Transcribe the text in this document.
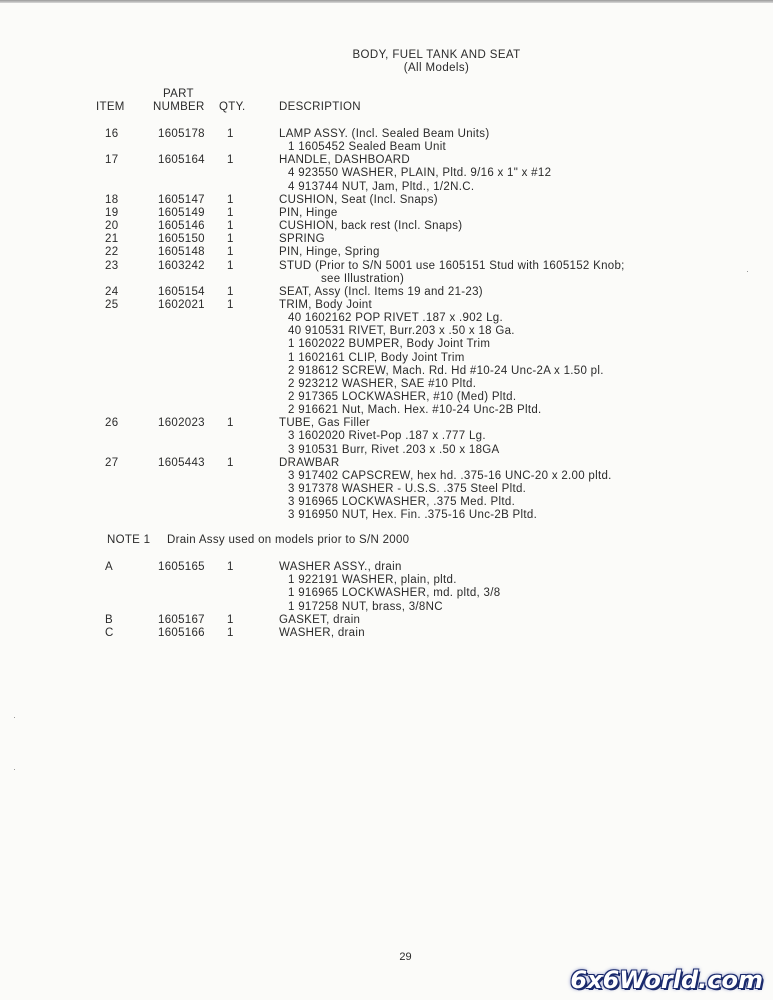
BODY, FUEL TANK AND SEAT
(All Models)
PART
ITEM NUMBER QTY.	DESCRIPTION
16	1605178 1	LAMP ASSY. (Incl. Sealed Beam Units)
1 1605452 Sealed Beam Unit
17	1605164 1	HANDLE, DASHBOARD
4 923550 WASHER, PLAIN, Pltd. 9/16 x 1" x #12
4 913744 NUT, Jam, Pltd., 1/2N.C.
18	1605147 1	CUSHION, Seat (Incl. Snaps)
19	1605149 1	PIN, Hinge
20	1605146 1	CUSHION, back rest (Incl. Snaps)
21	1605150 1	SPRING
22	1605148 1	PIN, Hinge, Spring
23	1603242 1	STUD (Prior to S/N 5001 use 1605151 Stud with 1605152 Knob;
see Illustration)
24	1605154 1	SEAT, Assy (Incl. Items 19 and 21-23)
25	1602021 1	TRIM, Body Joint
40 1602162 POP RIVET .187 x .902 Lg.
40 910531 RIVET, Burr.203 x .50 x 18 Ga.
1 1602022 BUMPER, Body Joint Trim
1 1602161 CLIP, Body Joint Trim
2 918612 SCREW, Mach. Rd. Hd #10-24 Unc-2A x 1.50 pl.
2 923212 WASHER, SAE #10 Pltd.
2 917365 LOCKWASHER, #10 (Med) Pltd.
2 916621 Nut, Mach. Hex. #10-24 Unc-2B Pltd.
26	1602023 1	TUBE, Gas Filler
3 1602020 Rivet-Pop .187 x .777 Lg.
3 910531 Burr, Rivet .203 x .50 x 18GA
27	1605443 1	DRAWBAR
3 917402 CAPSCREW, hex hd. .375-16 UNC-20 x 2.00 pltd.
3 917378 WASHER - U.S.S. .375 Steel Pltd.
3 916965 LOCKWASHER, .375 Med. Pltd.
3 916950 NUT, Hex. Fin. .375-16 Unc-2B Pltd.
NOTE 1 Drain Assy used on models prior to S/N 2000
A	1605165 1	WASHER ASSY., drain
1 922191 WASHER, plain, pltd.
1 916965 LOCKWASHER, md. pltd, 3/8
1 917258 NUT, brass, 3/8NC
B	1605167 1	GASKET, drain
C	1605166 1	WASHER, drain
29
6x6World.com
